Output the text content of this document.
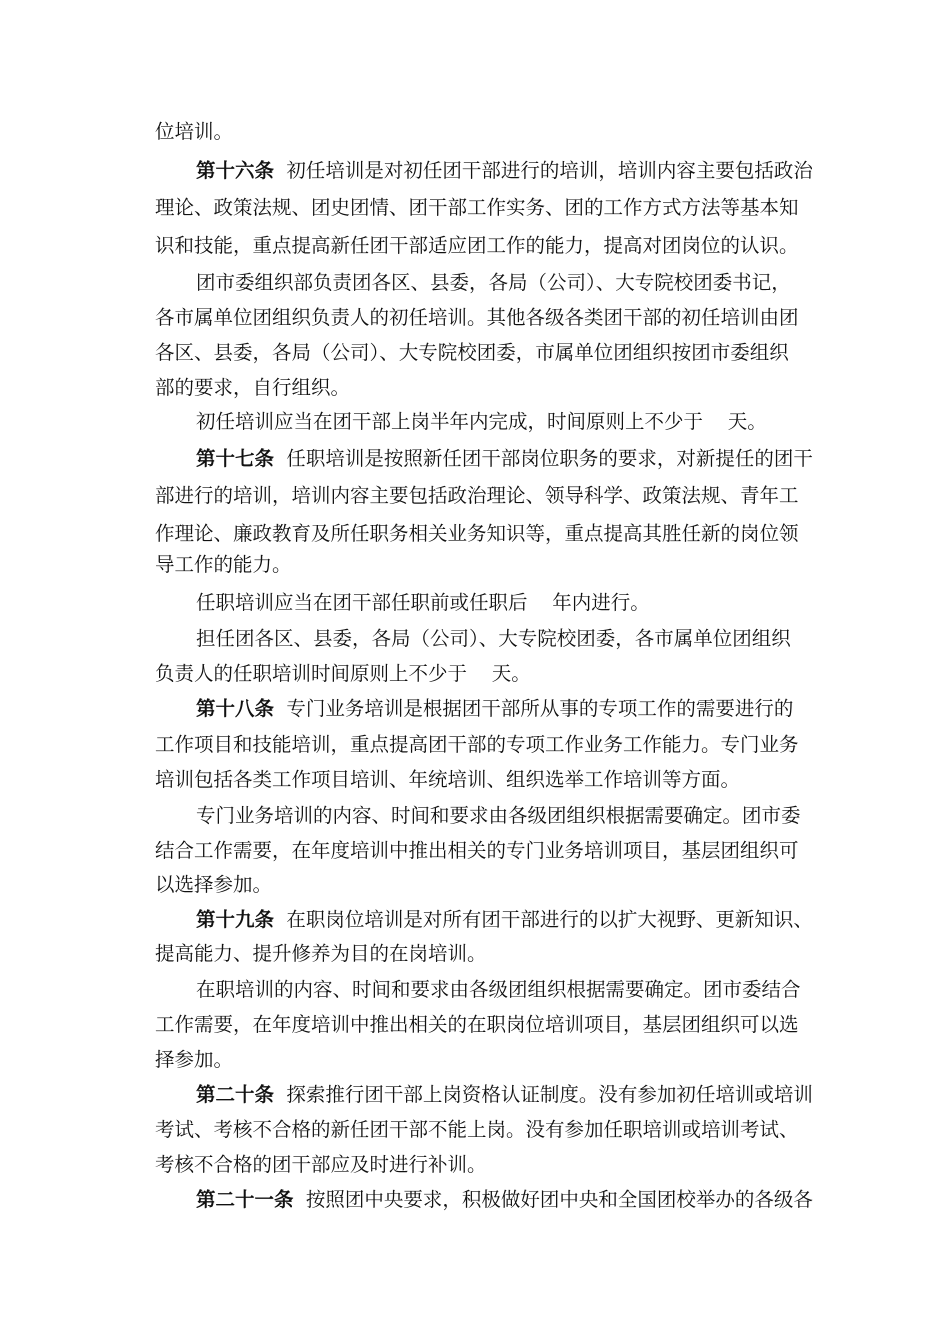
位培训。
第十六条  初任培训是对初任团干部进行的培训，培训内容主要包括政治
理论、政策法规、团史团情、团干部工作实务、团的工作方式方法等基本知
识和技能，重点提高新任团干部适应团工作的能力，提高对团岗位的认识。
团市委组织部负责团各区、县委，各局（公司）、大专院校团委书记，
各市属单位团组织负责人的初任培训。其他各级各类团干部的初任培训由团
各区、县委，各局（公司）、大专院校团委，市属单位团组织按团市委组织
部的要求，自行组织。
初任培训应当在团干部上岗半年内完成，时间原则上不少于    天。
第十七条  任职培训是按照新任团干部岗位职务的要求，对新提任的团干
部进行的培训，培训内容主要包括政治理论、领导科学、政策法规、青年工
作理论、廉政教育及所任职务相关业务知识等，重点提高其胜任新的岗位领
导工作的能力。
任职培训应当在团干部任职前或任职后    年内进行。
担任团各区、县委，各局（公司）、大专院校团委，各市属单位团组织
负责人的任职培训时间原则上不少于    天。
第十八条  专门业务培训是根据团干部所从事的专项工作的需要进行的
工作项目和技能培训，重点提高团干部的专项工作业务工作能力。专门业务
培训包括各类工作项目培训、年统培训、组织选举工作培训等方面。
专门业务培训的内容、时间和要求由各级团组织根据需要确定。团市委
结合工作需要，在年度培训中推出相关的专门业务培训项目，基层团组织可
以选择参加。
第十九条  在职岗位培训是对所有团干部进行的以扩大视野、更新知识、
提高能力、提升修养为目的在岗培训。
在职培训的内容、时间和要求由各级团组织根据需要确定。团市委结合
工作需要，在年度培训中推出相关的在职岗位培训项目，基层团组织可以选
择参加。
第二十条  探索推行团干部上岗资格认证制度。没有参加初任培训或培训
考试、考核不合格的新任团干部不能上岗。没有参加任职培训或培训考试、
考核不合格的团干部应及时进行补训。
第二十一条  按照团中央要求，积极做好团中央和全国团校举办的各级各
